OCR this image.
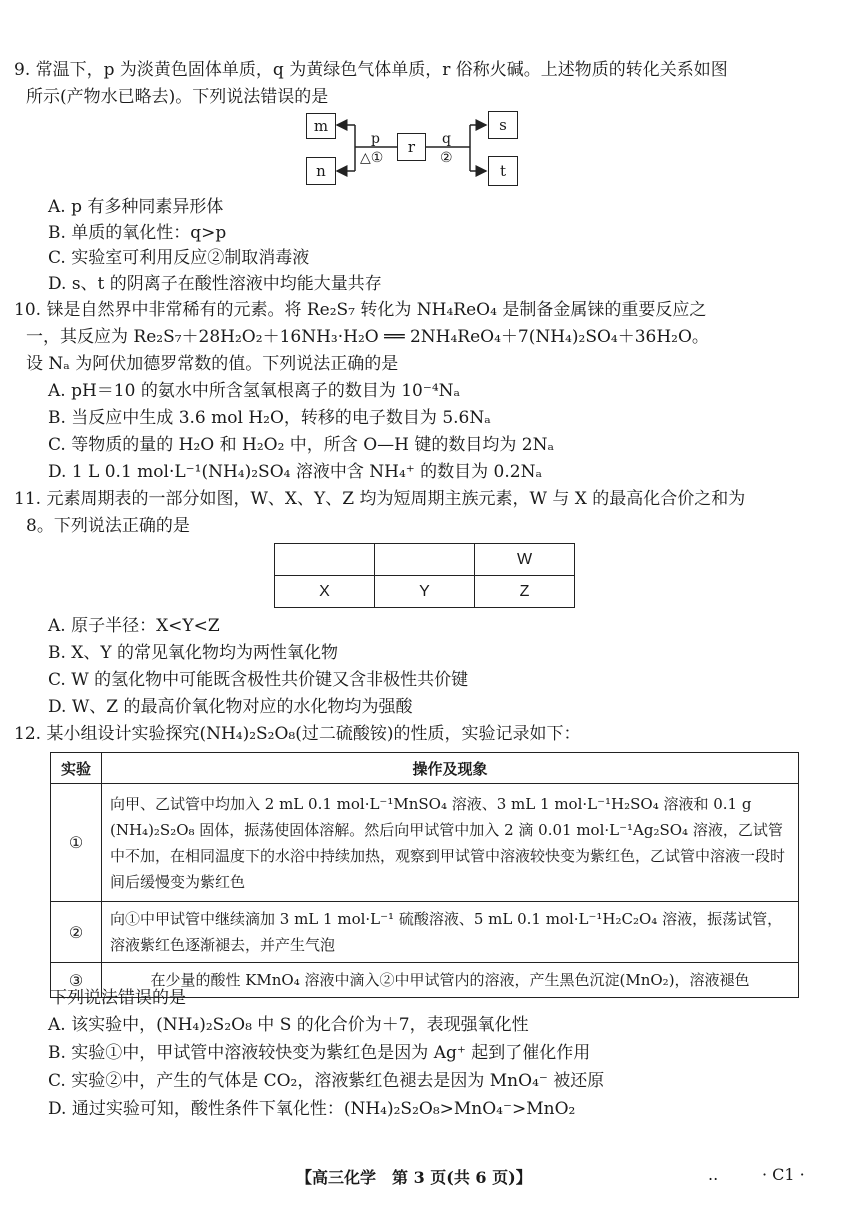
9. 常温下，p 为淡黄色固体单质，q 为黄绿色气体单质，r 俗称火碱。上述物质的转化关系如图
所示(产物水已略去)。下列说法错误的是
m
n
r
s
t
p
△①
q
②
A. p 有多种同素异形体
B. 单质的氧化性：q>p
C. 实验室可利用反应②制取消毒液
D. s、t 的阴离子在酸性溶液中均能大量共存
10. 铼是自然界中非常稀有的元素。将 Re₂S₇ 转化为 NH₄ReO₄ 是制备金属铼的重要反应之
一，其反应为 Re₂S₇＋28H₂O₂＋16NH₃·H₂O ══ 2NH₄ReO₄＋7(NH₄)₂SO₄＋36H₂O。
设 Nₐ 为阿伏加德罗常数的值。下列说法正确的是
A. pH＝10 的氨水中所含氢氧根离子的数目为 10⁻⁴Nₐ
B. 当反应中生成 3.6 mol H₂O，转移的电子数目为 5.6Nₐ
C. 等物质的量的 H₂O 和 H₂O₂ 中，所含 O—H 键的数目均为 2Nₐ
D. 1 L 0.1 mol·L⁻¹(NH₄)₂SO₄ 溶液中含 NH₄⁺ 的数目为 0.2Nₐ
11. 元素周期表的一部分如图，W、X、Y、Z 均为短周期主族元素，W 与 X 的最高化合价之和为
8。下列说法正确的是
		W
X	Y	Z
A. 原子半径：X<Y<Z
B. X、Y 的常见氧化物均为两性氧化物
C. W 的氢化物中可能既含极性共价键又含非极性共价键
D. W、Z 的最高价氧化物对应的水化物均为强酸
12. 某小组设计实验探究(NH₄)₂S₂O₈(过二硫酸铵)的性质，实验记录如下：
实验	操作及现象
①	向甲、乙试管中均加入 2 mL 0.1 mol·L⁻¹MnSO₄ 溶液、3 mL 1 mol·L⁻¹H₂SO₄ 溶液和 0.1 g (NH₄)₂S₂O₈ 固体，振荡使固体溶解。然后向甲试管中加入 2 滴 0.01 mol·L⁻¹Ag₂SO₄ 溶液，乙试管中不加，在相同温度下的水浴中持续加热，观察到甲试管中溶液较快变为紫红色，乙试管中溶液一段时间后缓慢变为紫红色
②	向①中甲试管中继续滴加 3 mL 1 mol·L⁻¹ 硫酸溶液、5 mL 0.1 mol·L⁻¹H₂C₂O₄ 溶液，振荡试管，溶液紫红色逐渐褪去，并产生气泡
③	在少量的酸性 KMnO₄ 溶液中滴入②中甲试管内的溶液，产生黑色沉淀(MnO₂)，溶液褪色
下列说法错误的是
A. 该实验中，(NH₄)₂S₂O₈ 中 S 的化合价为＋7，表现强氧化性
B. 实验①中，甲试管中溶液较快变为紫红色是因为 Ag⁺ 起到了催化作用
C. 实验②中，产生的气体是 CO₂，溶液紫红色褪去是因为 MnO₄⁻ 被还原
D. 通过实验可知，酸性条件下氧化性：(NH₄)₂S₂O₈>MnO₄⁻>MnO₂
【高三化学　第 3 页(共 6 页)】	..	· C1 ·
